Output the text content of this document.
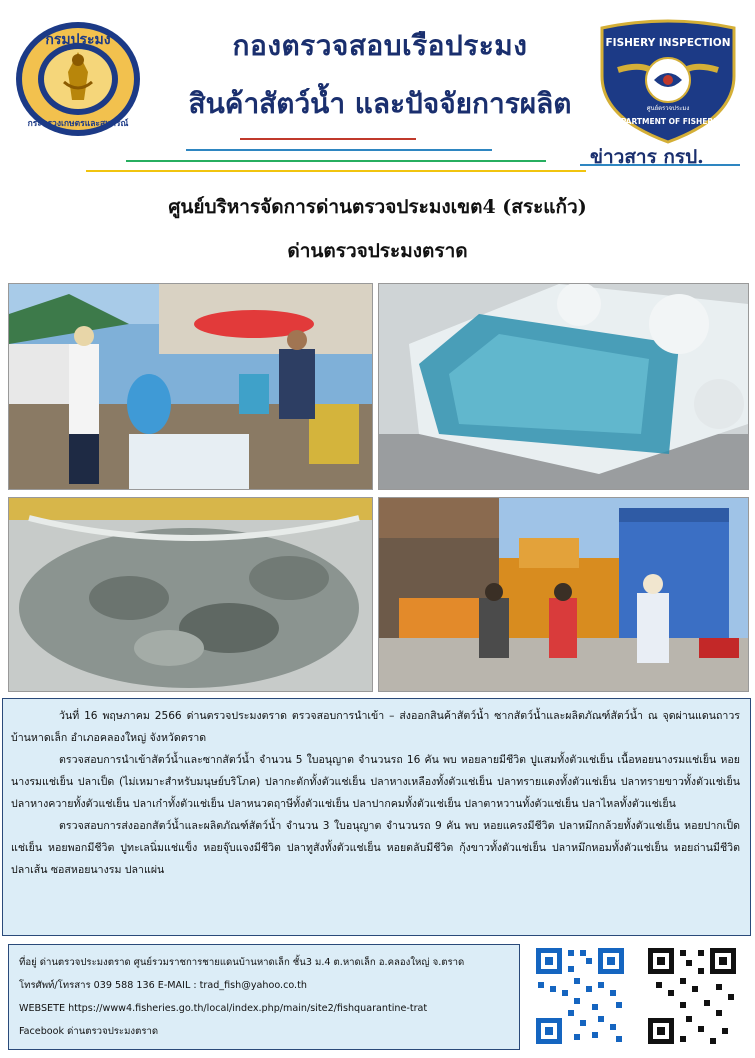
กรมประมง
กระทรวงเกษตรและสหกรณ์
กองตรวจสอบเรือประมง
สินค้าสัตว์น้ำ และปัจจัยการผลิต
ข่าวสาร กรป.
FISHERY INSPECTION
ศูนย์ตรวจประมง
DEPARTMENT OF FISHERIES
ศูนย์บริหารจัดการด่านตรวจประมงเขต4 (สระแก้ว)
ด่านตรวจประมงตราด

วันที่ 16 พฤษภาคม 2566 ด่านตรวจประมงตราด ตรวจสอบการนำเข้า – ส่งออกสินค้าสัตว์น้ำ ซากสัตว์น้ำและผลิตภัณฑ์สัตว์น้ำ ณ จุดผ่านแดนถาวรบ้านหาดเล็ก อำเภอคลองใหญ่ จังหวัดตราด

ตรวจสอบการนำเข้าสัตว์น้ำและซากสัตว์น้ำ จำนวน 5 ใบอนุญาต จำนวนรถ 16 คัน พบ หอยลายมีชีวิต ปูแสมทั้งตัวแช่เย็น เนื้อหอยนางรมแช่เย็น หอยนางรมแช่เย็น ปลาเป็ด (ไม่เหมาะสำหรับมนุษย์บริโภค) ปลากะตักทั้งตัวแช่เย็น ปลาหางเหลืองทั้งตัวแช่เย็น ปลาทรายแดงทั้งตัวแช่เย็น ปลาทรายขาวทั้งตัวแช่เย็น ปลาหางควายทั้งตัวแช่เย็น ปลาเก๋าทั้งตัวแช่เย็น ปลาหนวดฤาษีทั้งตัวแช่เย็น ปลาปากคมทั้งตัวแช่เย็น ปลาตาหวานทั้งตัวแช่เย็น ปลาไหลทั้งตัวแช่เย็น

ตรวจสอบการส่งออกสัตว์น้ำและผลิตภัณฑ์สัตว์น้ำ จำนวน 3 ใบอนุญาต จำนวนรถ 9 คัน พบ หอยแครงมีชีวิต ปลาหมึกกล้วยทั้งตัวแช่เย็น หอยปากเป็ดแช่เย็น หอยพอกมีชีวิต ปูทะเลนิ่มแช่แข็ง หอยจุ๊บแจงมีชีวิต ปลาทูสังทั้งตัวแช่เย็น หอยตลับมีชีวิต กุ้งขาวทั้งตัวแช่เย็น ปลาหมึกหอมทั้งตัวแช่เย็น หอยถ่านมีชีวิต ปลาเส้น ซอสหอยนางรม ปลาแผ่น

ที่อยู่ ด่านตรวจประมงตราด ศูนย์รวมราชการชายแดนบ้านหาดเล็ก ชั้น3 ม.4 ต.หาดเล็ก อ.คลองใหญ่ จ.ตราด
โทรศัพท์/โทรสาร 039 588 136 E-MAIL : trad_fish@yahoo.co.th
WEBSETE https://www4.fisheries.go.th/local/index.php/main/site2/fishquarantine-trat
Facebook ด่านตรวจประมงตราด
